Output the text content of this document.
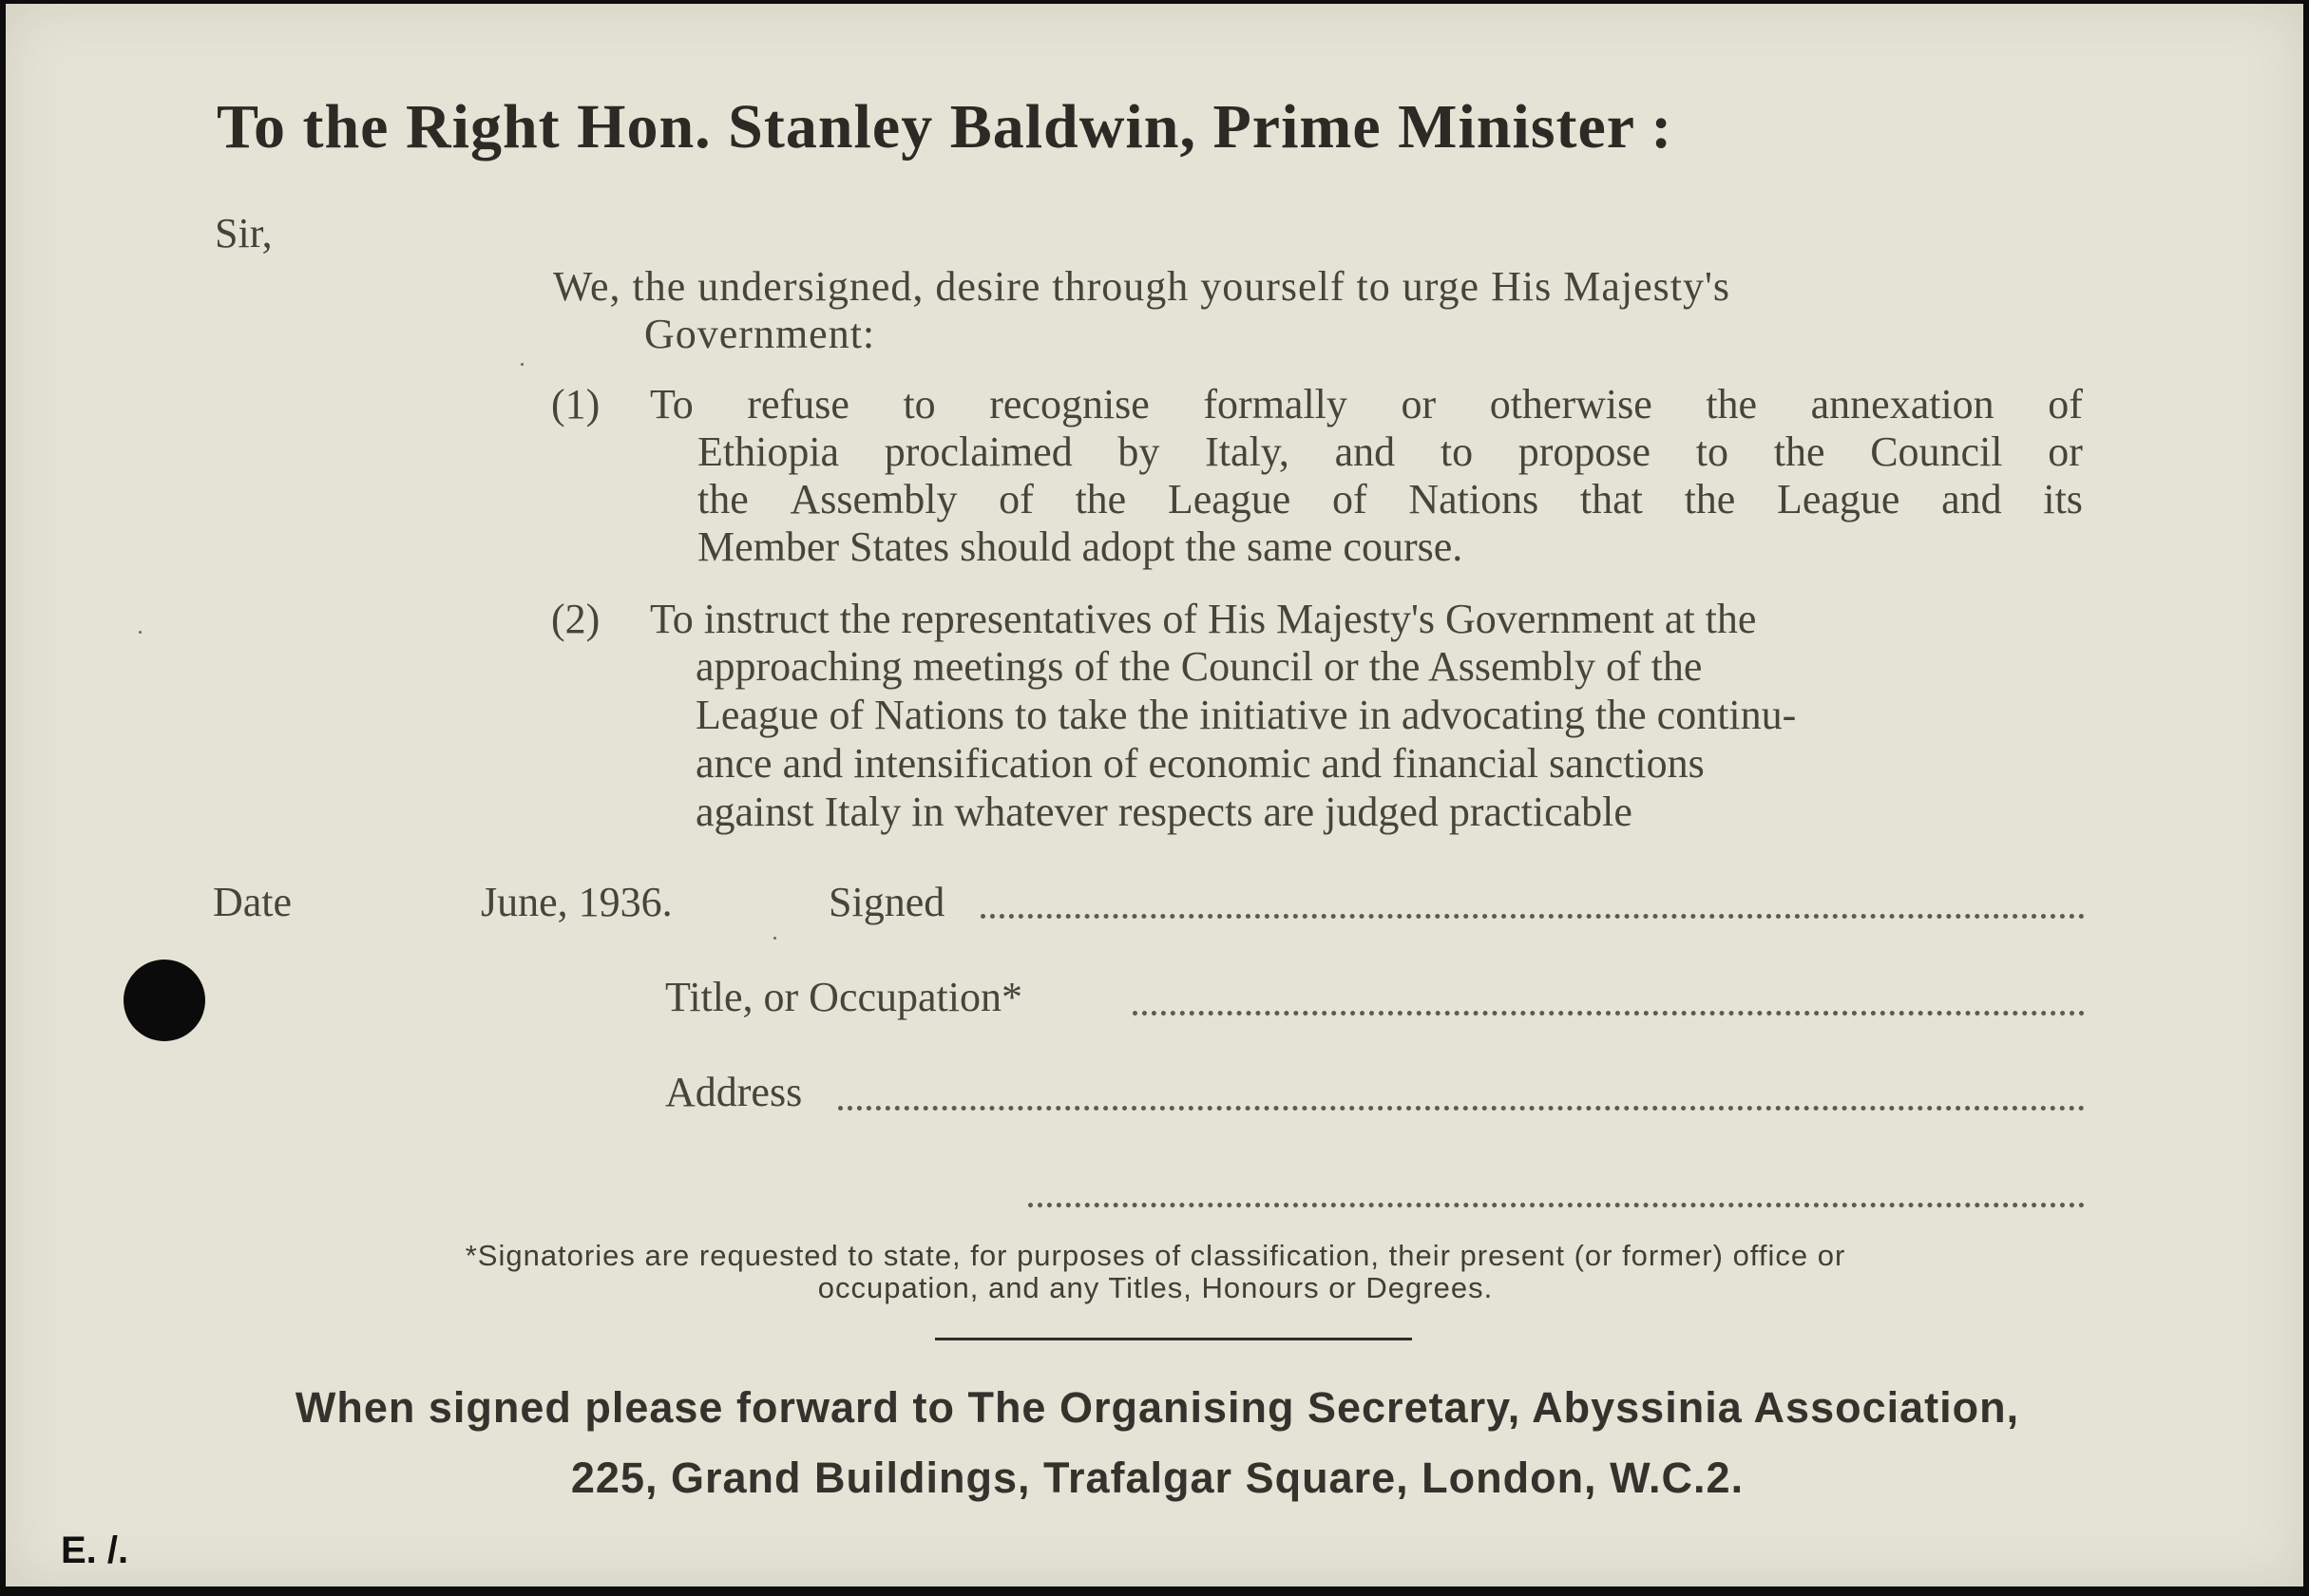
To the Right Hon. Stanley Baldwin, Prime Minister :
Sir,
We, the undersigned, desire through yourself to urge His Majesty's
Government:
(1) To refuse to recognise formally or otherwise the annexation of
Ethiopia proclaimed by Italy, and to propose to the Council or
the Assembly of the League of Nations that the League and its
Member States should adopt the same course.
(2) To instruct the representatives of His Majesty's Government at the
approaching meetings of the Council or the Assembly of the
League of Nations to take the initiative in advocating the continu-
ance and intensification of economic and financial sanctions
against Italy in whatever respects are judged practicable
Date	June, 1936.	Signed
Title, or Occupation*
Address
*Signatories are requested to state, for purposes of classification, their present (or former) office or
occupation, and any Titles, Honours or Degrees.
When signed please forward to The Organising Secretary, Abyssinia Association,
225, Grand Buildings, Trafalgar Square, London, W.C.2.
E. /.
